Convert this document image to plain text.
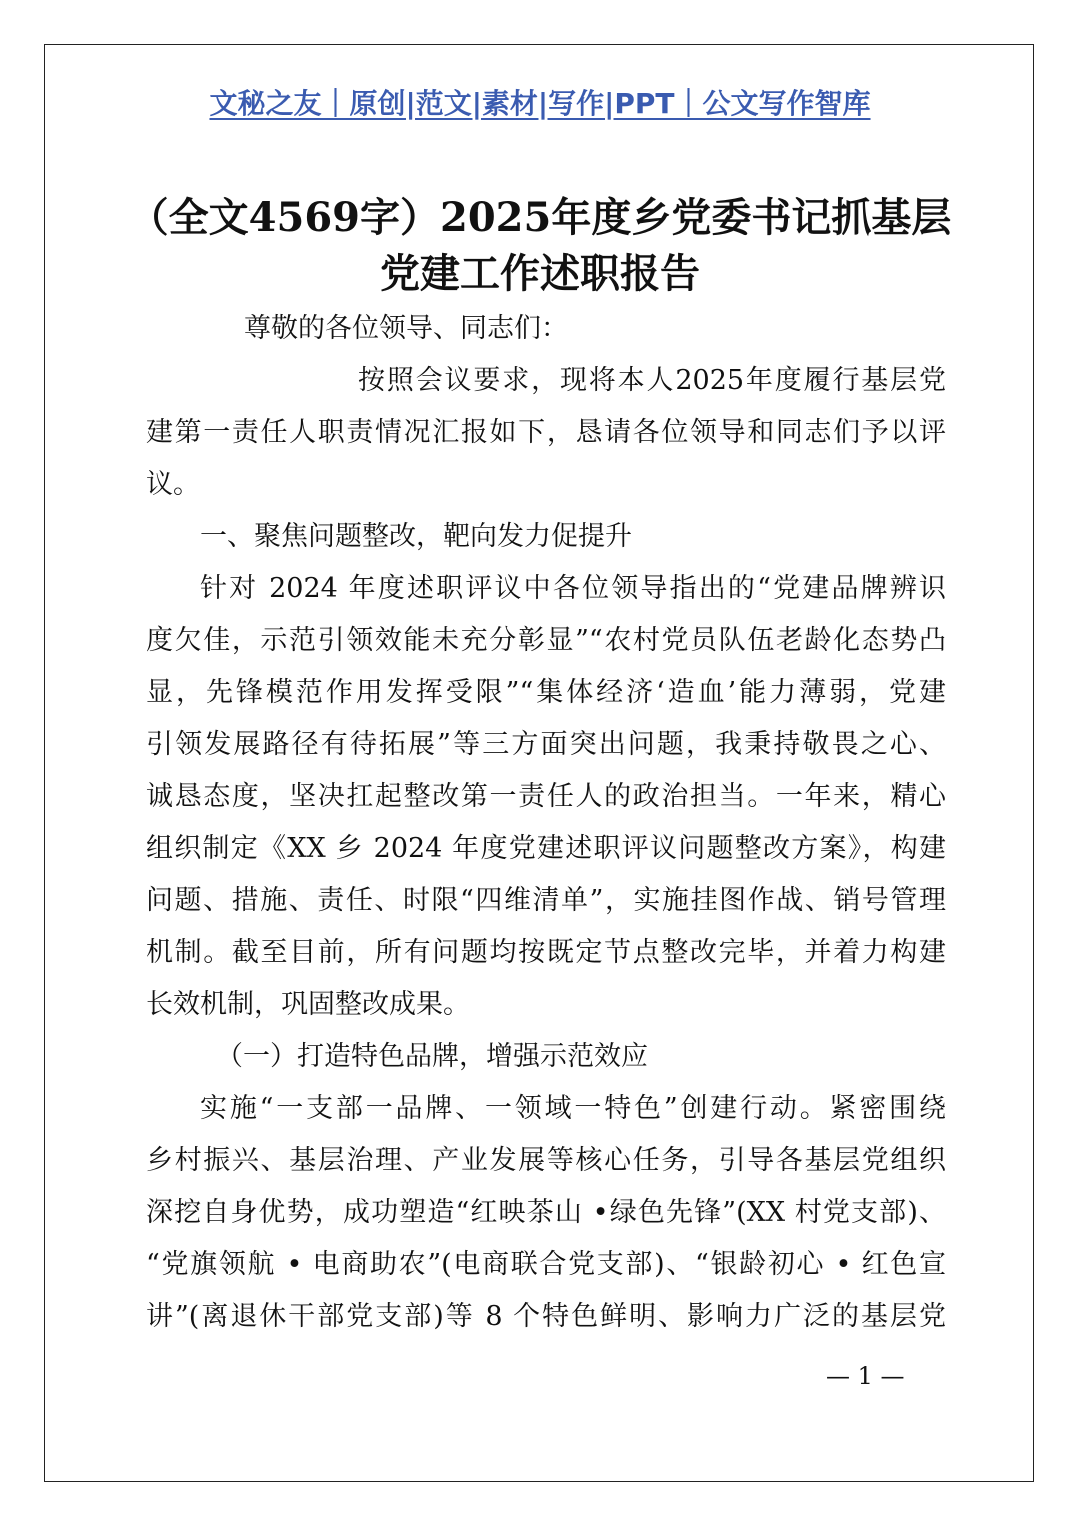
文秘之友｜原创|范文|素材|写作|PPT｜公文写作智库
（全文4569字）2025年度乡党委书记抓基层
党建工作述职报告
尊敬的各位领导、同志们：
按照会议要求，现将本人2025年度履行基层党
建第一责任人职责情况汇报如下，恳请各位领导和同志们予以评
议。
一、聚焦问题整改，靶向发力促提升
针对 2024 年度述职评议中各位领导指出的“党建品牌辨识
度欠佳，示范引领效能未充分彰显”“农村党员队伍老龄化态势凸
显，先锋模范作用发挥受限”“集体经济‘造血’能力薄弱，党建
引领发展路径有待拓展”等三方面突出问题，我秉持敬畏之心、
诚恳态度，坚决扛起整改第一责任人的政治担当。一年来，精心
组织制定《XX 乡 2024 年度党建述职评议问题整改方案》，构建
问题、措施、责任、时限“四维清单”，实施挂图作战、销号管理
机制。截至目前，所有问题均按既定节点整改完毕，并着力构建
长效机制，巩固整改成果。
（一）打造特色品牌，增强示范效应
实施“一支部一品牌、一领域一特色”创建行动。紧密围绕
乡村振兴、基层治理、产业发展等核心任务，引导各基层党组织
深挖自身优势，成功塑造“红映茶山 •绿色先锋”(XX 村党支部)、
“党旗领航 • 电商助农”(电商联合党支部)、“银龄初心 • 红色宣
讲”(离退休干部党支部)等 8 个特色鲜明、影响力广泛的基层党
— 1 —
